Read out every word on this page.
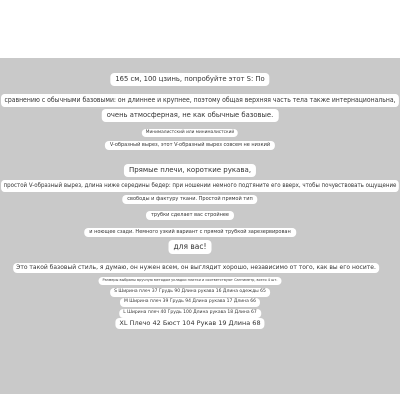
165 см, 100 цзинь, попробуйте этот S: По
сравнению с обычными базовыми: он длиннее и крупнее, поэтому общая верхняя часть тела также интернациональна,
очень атмосферная, не как обычные базовые.
Минималистский или минималистский
V-образный вырез, этот V-образный вырез совсем не низкий
Прямые плечи, короткие рукава,
простой V-образный вырез, длина ниже середины бедер: при ношении немного подтяните его вверх, чтобы почувствовать ощущение
свободы и фактуру ткани. Простой прямой тип
трубки сделает вас стройнее
и ноющее сзади. Немного узкий вариант с прямой трубкой зарезервирован
для вас!
Это такой базовый стиль, я думаю, он нужен всем, он выглядит хорошо, независимо от того, как вы его носите.
Размеры выбраны вручную методом укладки плитки и соответствуют Сантиметр, всего 4 шт.
S Ширина плеч 37 Грудь 90 Длина рукава 16 Длина одежды 65
M Ширина плеч 39 Грудь 94 Длина рукава 17 Длина 66
L Ширина плеч 40 Грудь 100 Длина рукава 18 Длина 67
XL Плечо 42 Бюст 104 Рукав 19 Длина 68
